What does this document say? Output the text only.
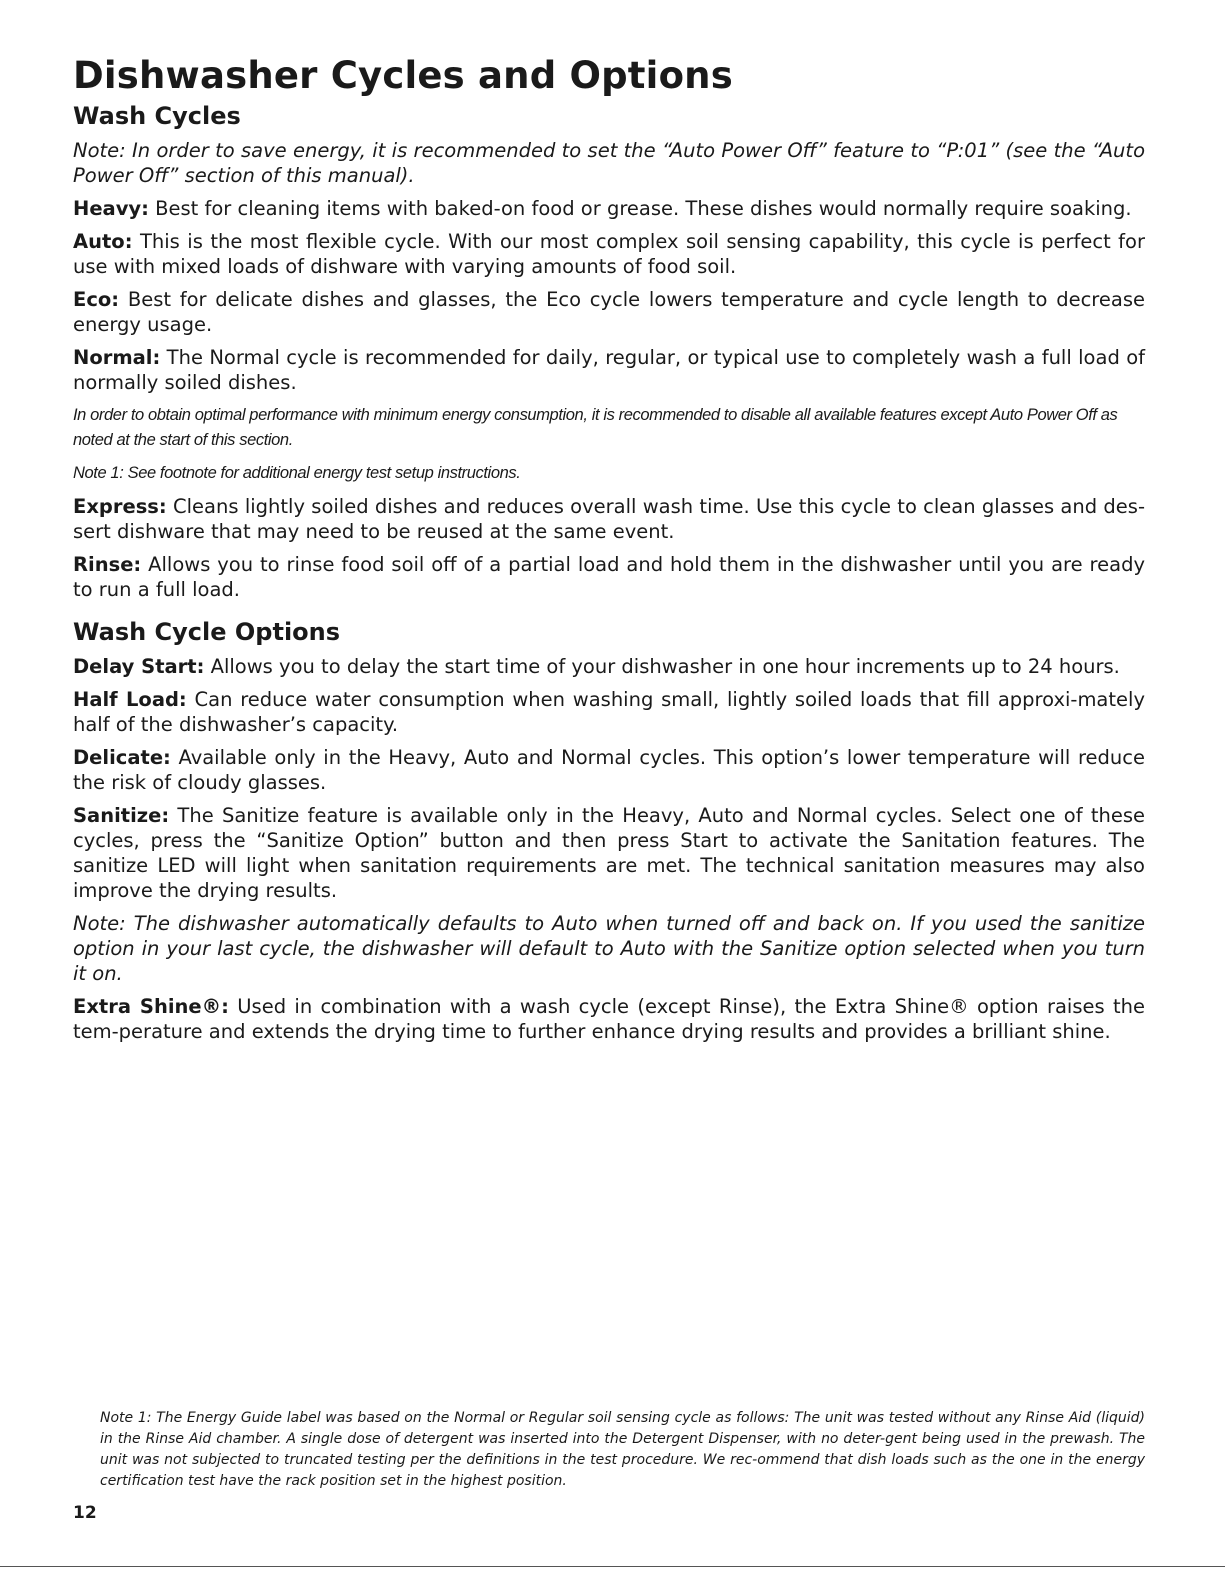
Dishwasher Cycles and Options
Wash Cycles

Note: In order to save energy, it is recommended to set the “Auto Power Off” feature to “P:01” (see the “Auto Power Off” section of this manual).

Heavy: Best for cleaning items with baked-on food or grease. These dishes would normally require soaking.

Auto: This is the most flexible cycle. With our most complex soil sensing capability, this cycle is perfect for use with mixed loads of dishware with varying amounts of food soil.

Eco: Best for delicate dishes and glasses, the Eco cycle lowers temperature and cycle length to decrease energy usage.

Normal: The Normal cycle is recommended for daily, regular, or typical use to completely wash a full load of normally soiled dishes.

In order to obtain optimal performance with minimum energy consumption, it is recommended to disable all available features except Auto Power Off as noted at the start of this section.

Note 1: See footnote for additional energy test setup instructions.

Express: Cleans lightly soiled dishes and reduces overall wash time. Use this cycle to clean glasses and des-sert dishware that may need to be reused at the same event.

Rinse: Allows you to rinse food soil off of a partial load and hold them in the dishwasher until you are ready to run a full load.

Wash Cycle Options

Delay Start: Allows you to delay the start time of your dishwasher in one hour increments up to 24 hours.

Half Load: Can reduce water consumption when washing small, lightly soiled loads that fill approxi-mately half of the dishwasher’s capacity.

Delicate: Available only in the Heavy, Auto and Normal cycles. This option’s lower temperature will reduce the risk of cloudy glasses.

Sanitize: The Sanitize feature is available only in the Heavy, Auto and Normal cycles. Select one of these cycles, press the “Sanitize Option” button and then press Start to activate the Sanitation features. The sanitize LED will light when sanitation requirements are met. The technical sanitation measures may also improve the drying results.

Note: The dishwasher automatically defaults to Auto when turned off and back on. If you used the sanitize option in your last cycle, the dishwasher will default to Auto with the Sanitize option selected when you turn it on.

Extra Shine®: Used in combination with a wash cycle (except Rinse), the Extra Shine® option raises the tem-perature and extends the drying time to further enhance drying results and provides a brilliant shine.

Note 1: The Energy Guide label was based on the Normal or Regular soil sensing cycle as follows: The unit was tested without any Rinse Aid (liquid) in the Rinse Aid chamber. A single dose of detergent was inserted into the Detergent Dispenser, with no deter-gent being used in the prewash. The unit was not subjected to truncated testing per the definitions in the test procedure. We rec-ommend that dish loads such as the one in the energy certification test have the rack position set in the highest position.

12
